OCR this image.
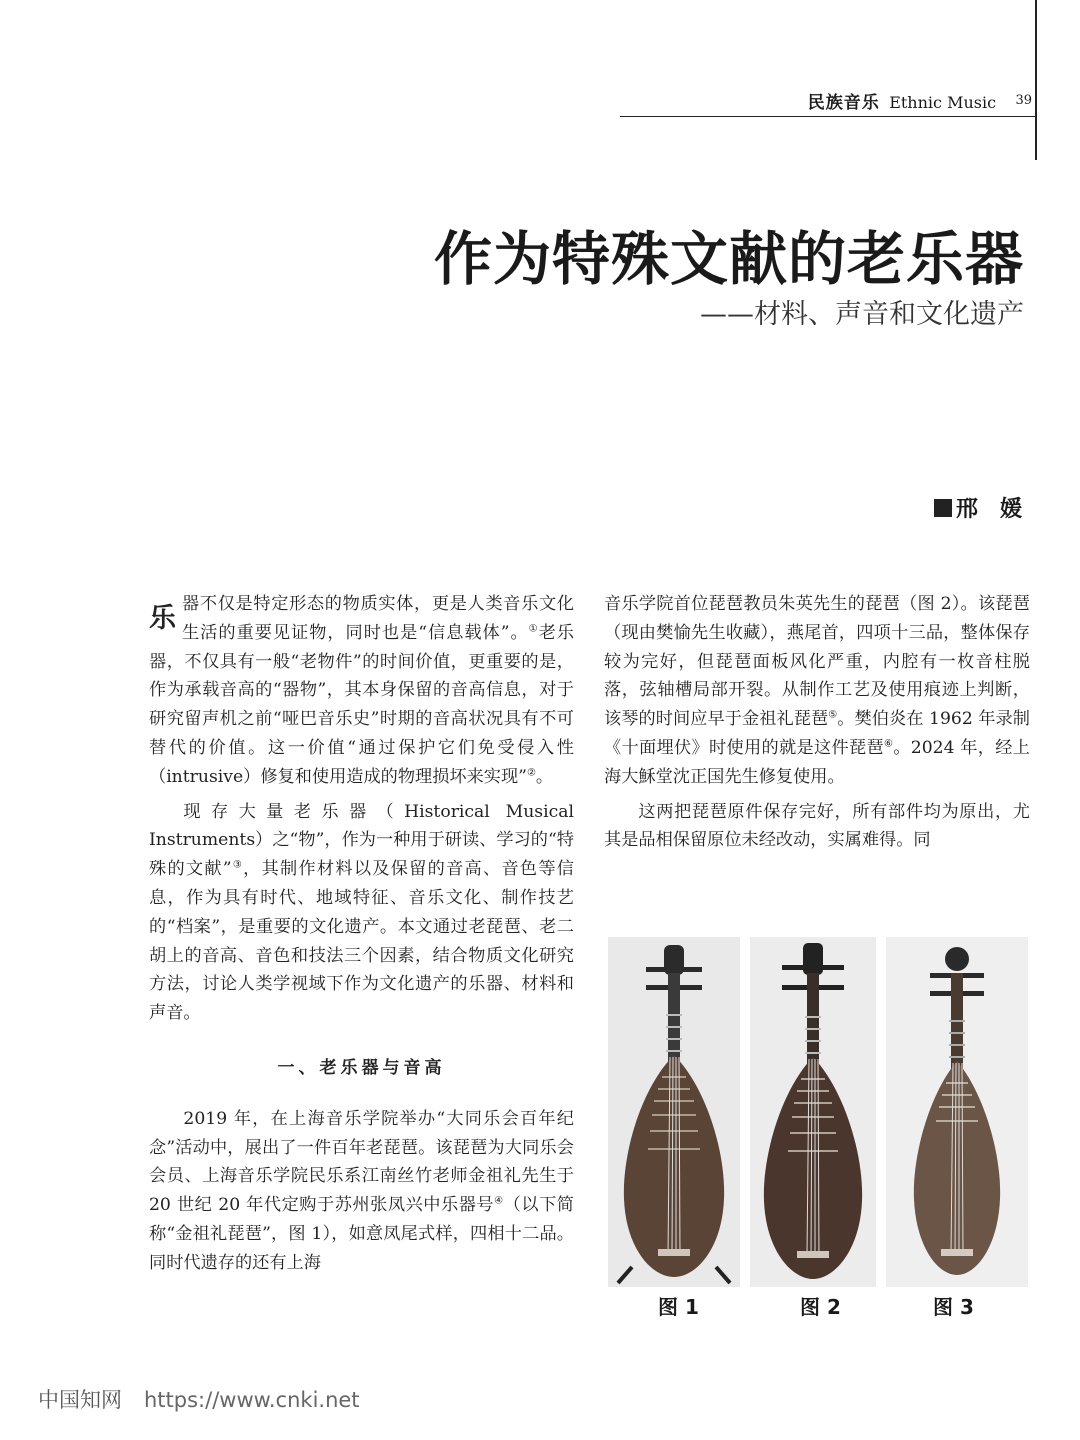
民族音乐 Ethnic Music $^{39}$
作为特殊文献的老乐器
——材料、声音和文化遗产
邢　媛

乐器不仅是特定形态的物质实体，更是人类音乐文化生活的重要见证物，同时也是“信息载体”。①老乐器，不仅具有一般“老物件”的时间价值，更重要的是，作为承载音高的“器物”，其本身保留的音高信息，对于研究留声机之前“哑巴音乐史”时期的音高状况具有不可替代的价值。这一价值“通过保护它们免受侵入性（intrusive）修复和使用造成的物理损坏来实现”②。

现存大量老乐器（Historical Musical Instruments）之“物”，作为一种用于研读、学习的“特殊的文献”③，其制作材料以及保留的音高、音色等信息，作为具有时代、地域特征、音乐文化、制作技艺的“档案”，是重要的文化遗产。本文通过老琵琶、老二胡上的音高、音色和技法三个因素，结合物质文化研究方法，讨论人类学视域下作为文化遗产的乐器、材料和声音。

一、老乐器与音高

2019 年，在上海音乐学院举办“大同乐会百年纪念”活动中，展出了一件百年老琵琶。该琵琶为大同乐会会员、上海音乐学院民乐系江南丝竹老师金祖礼先生于 20 世纪 20 年代定购于苏州张凤兴中乐器号④（以下简称“金祖礼琵琶”，图 1），如意凤尾式样，四相十二品。同时代遗存的还有上海

音乐学院首位琵琶教员朱英先生的琵琶（图 2）。该琵琶（现由樊愉先生收藏），燕尾首，四项十三品，整体保存较为完好，但琵琶面板风化严重，内腔有一枚音柱脱落，弦轴槽局部开裂。从制作工艺及使用痕迹上判断，该琴的时间应早于金祖礼琵琶⑤。樊伯炎在 1962 年录制《十面埋伏》时使用的就是这件琵琶⑥。2024 年，经上海大穌堂沈正国先生修复使用。

这两把琵琶原件保存完好，所有部件均为原出，尤其是品相保留原位未经改动，实属难得。同

图 1	图 2	图 3
中国知网 https://www.cnki.net
